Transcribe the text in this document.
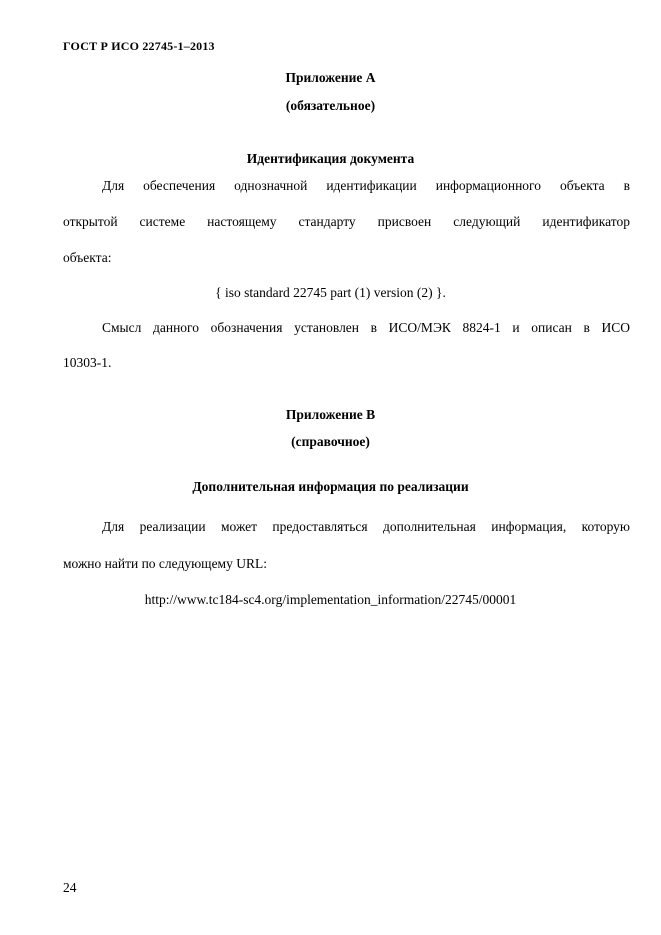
ГОСТ Р ИСО 22745-1–2013
Приложение А
(обязательное)
Идентификация документа
Для обеспечения однозначной идентификации информационного объекта в
открытой системе настоящему стандарту присвоен следующий идентификатор
объекта:
{ iso standard 22745 part (1) version (2) }.
Смысл данного обозначения установлен в ИСО/МЭК 8824-1 и описан в ИСО
10303-1.
Приложение В
(справочное)
Дополнительная информация по реализации
Для реализации может предоставляться дополнительная информация, которую
можно найти по следующему URL:
http://www.tc184-sc4.org/implementation_information/22745/00001
24
